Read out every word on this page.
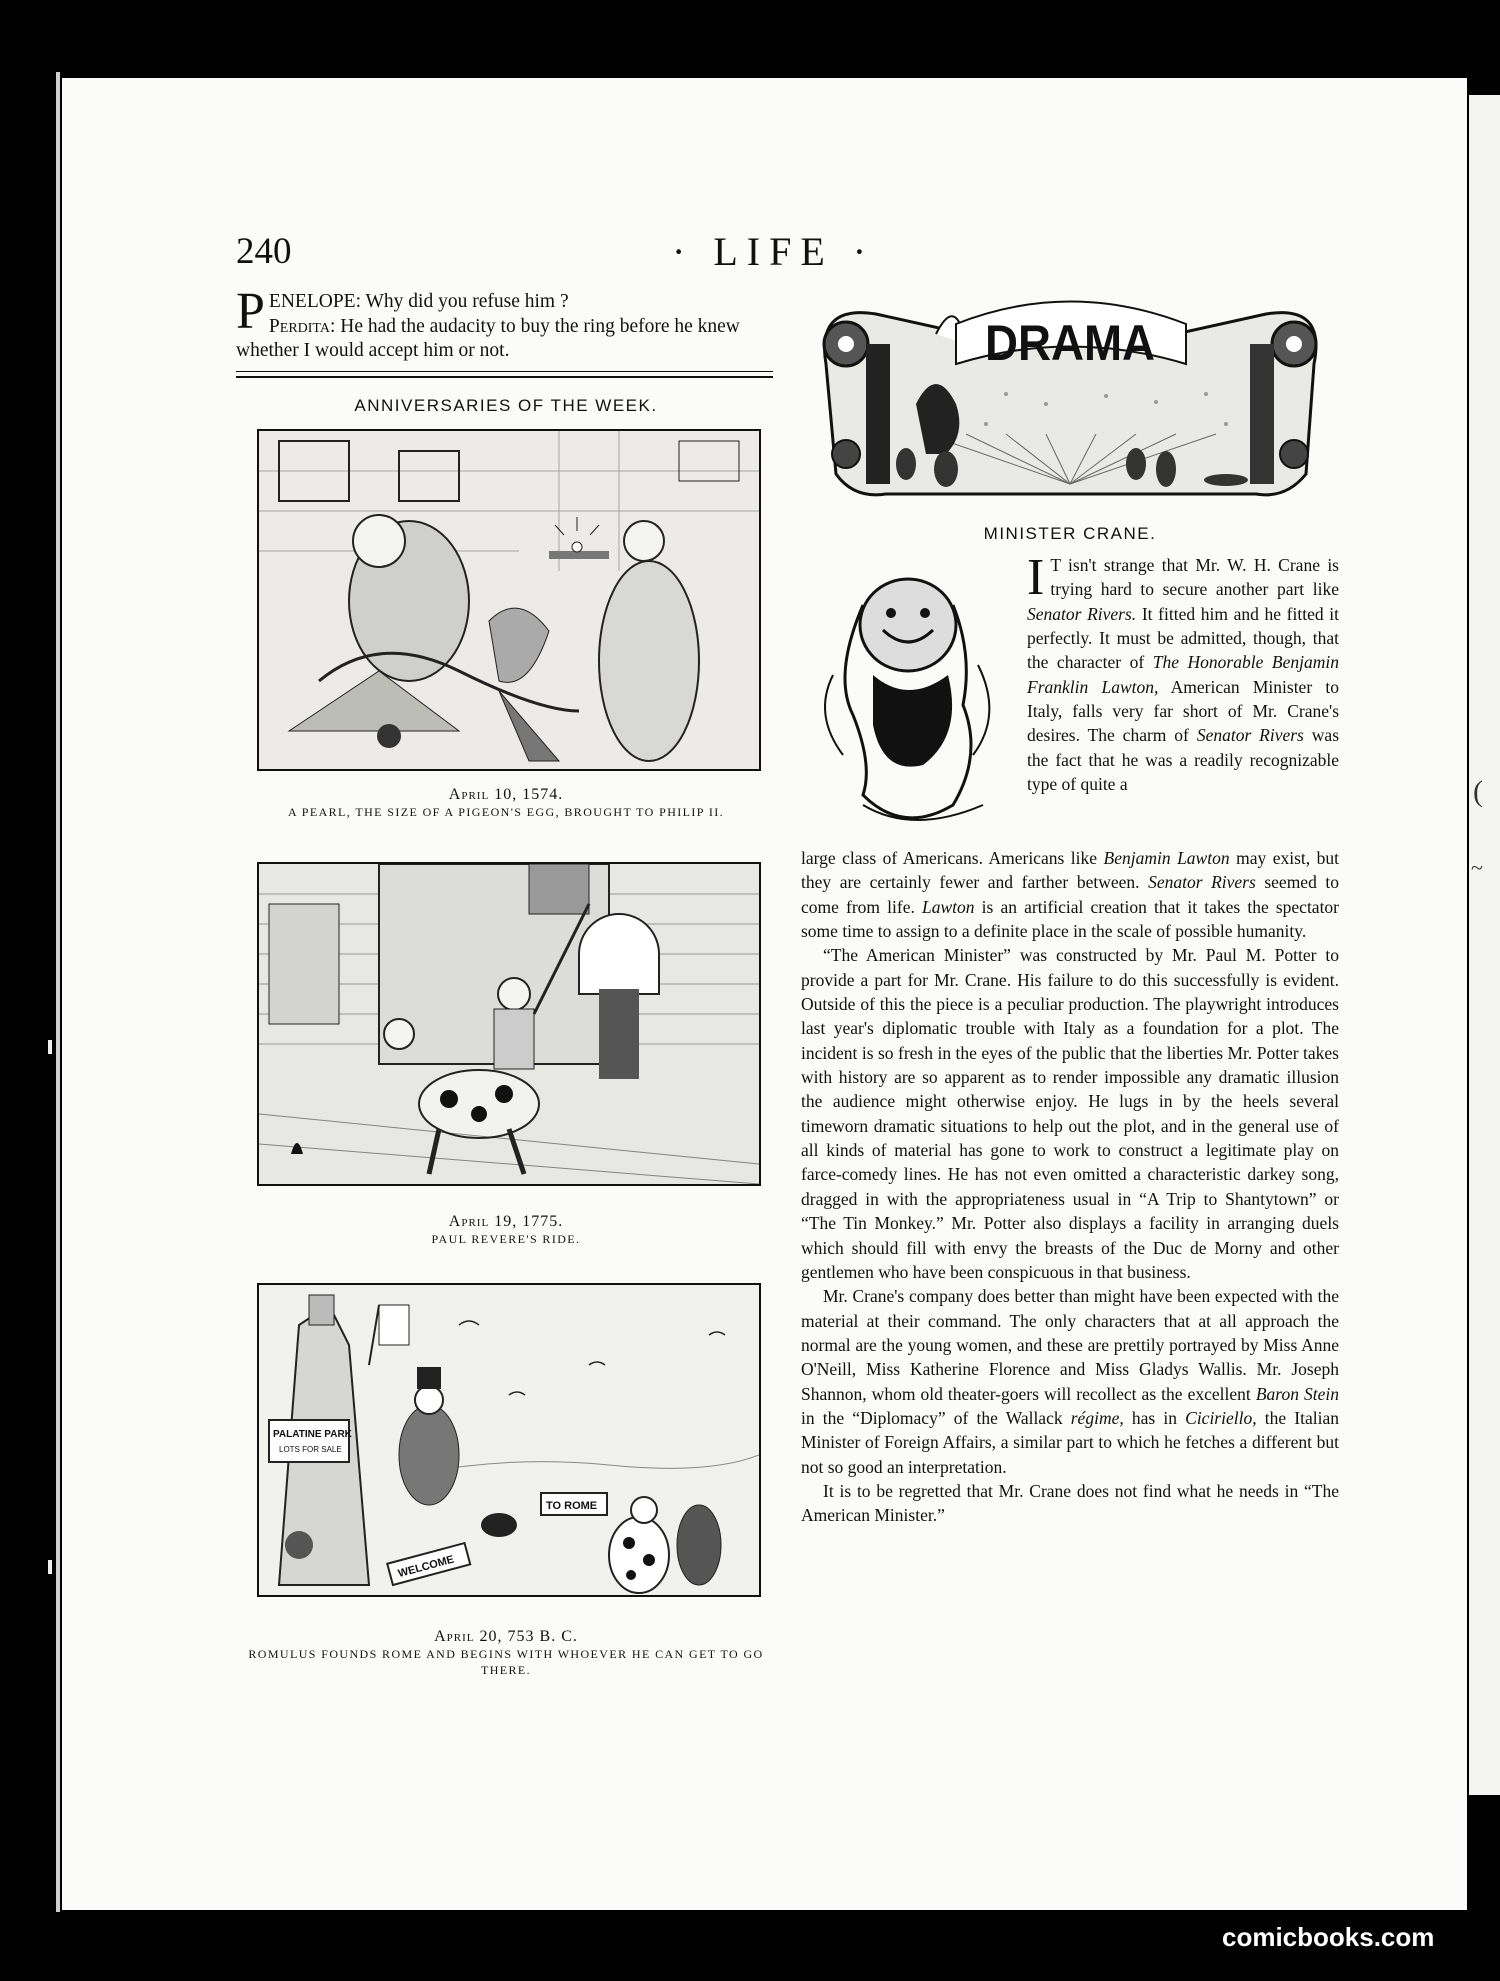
(
~
240	· LIFE ·
P ENELOPE: Why did you refuse him ?
Perdita: He had the audacity to buy the ring before he knew whether I would accept him or not.
ANNIVERSARIES OF THE WEEK.
April 10, 1574.
A PEARL, THE SIZE OF A PIGEON'S EGG, BROUGHT TO PHILIP II.
April 19, 1775.
PAUL REVERE'S RIDE.
PALATINE PARK
LOTS FOR SALE
TO ROME
WELCOME
April 20, 753 B. C.
ROMULUS FOUNDS ROME AND BEGINS WITH WHOEVER HE CAN GET TO GO THERE.
DRAMA
MINISTER CRANE.

I T isn't strange that Mr. W. H. Crane is trying hard to secure another part like Senator Rivers. It fitted him and he fitted it perfectly. It must be admitted, though, that the character of The Honorable Benjamin Franklin Lawton, American Minister to Italy, falls very far short of Mr. Crane's desires. The charm of Senator Rivers was the fact that he was a readily recognizable type of quite a

large class of Americans. Americans like Benjamin Lawton may exist, but they are certainly fewer and farther between. Senator Rivers seemed to come from life. Lawton is an artificial creation that it takes the spectator some time to assign to a definite place in the scale of possible humanity.

“The American Minister” was constructed by Mr. Paul M. Potter to provide a part for Mr. Crane. His failure to do this successfully is evident. Outside of this the piece is a peculiar production. The playwright introduces last year's diplomatic trouble with Italy as a foundation for a plot. The incident is so fresh in the eyes of the public that the liberties Mr. Potter takes with history are so apparent as to render impossible any dramatic illusion the audience might otherwise enjoy. He lugs in by the heels several timeworn dramatic situations to help out the plot, and in the general use of all kinds of material has gone to work to construct a legitimate play on farce-comedy lines. He has not even omitted a characteristic darkey song, dragged in with the appropriateness usual in “A Trip to Shantytown” or “The Tin Monkey.” Mr. Potter also displays a facility in arranging duels which should fill with envy the breasts of the Duc de Morny and other gentlemen who have been conspicuous in that business.

Mr. Crane's company does better than might have been expected with the material at their command. The only characters that at all approach the normal are the young women, and these are prettily portrayed by Miss Anne O'Neill, Miss Katherine Florence and Miss Gladys Wallis. Mr. Joseph Shannon, whom old theater-goers will recollect as the excellent Baron Stein in the “Diplomacy” of the Wallack régime, has in Ciciriello, the Italian Minister of Foreign Affairs, a similar part to which he fetches a different but not so good an interpretation.

It is to be regretted that Mr. Crane does not find what he needs in “The American Minister.”

comicbooks.com
